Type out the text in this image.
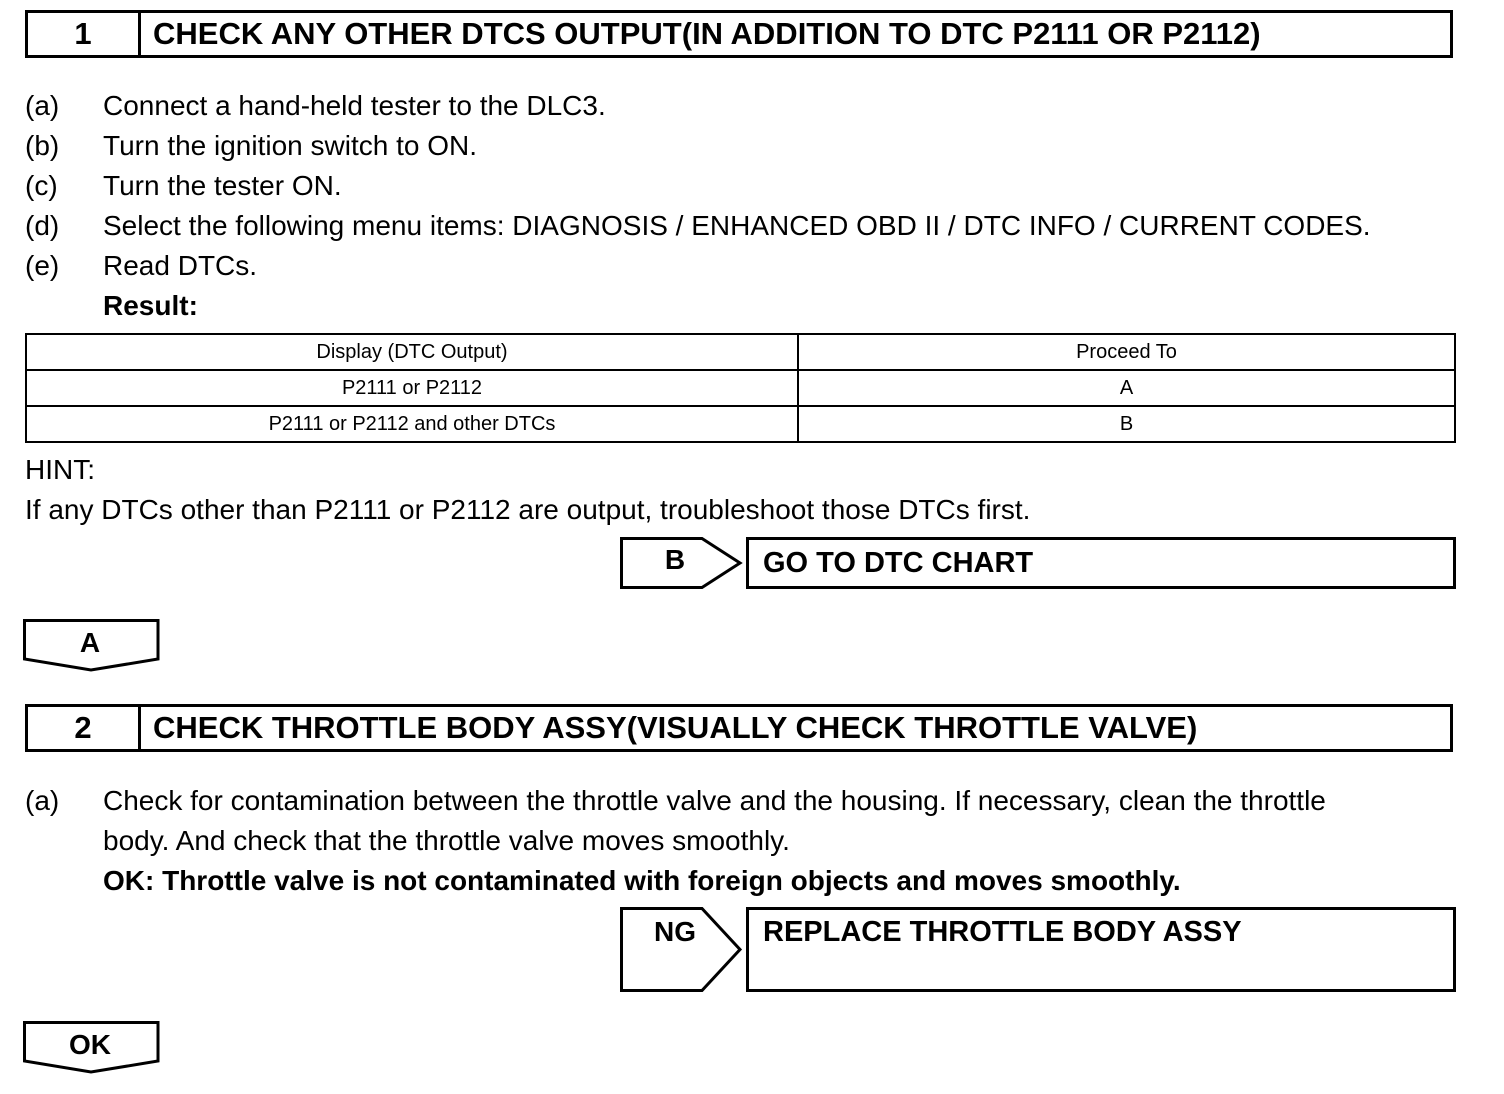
1	CHECK ANY OTHER DTCS OUTPUT(IN ADDITION TO DTC P2111 OR P2112)
(a) Connect a hand-held tester to the DLC3.
(b) Turn the ignition switch to ON.
(c) Turn the tester ON.
(d) Select the following menu items: DIAGNOSIS / ENHANCED OBD II / DTC INFO / CURRENT CODES.
(e) Read DTCs.
Result:
Display (DTC Output)	Proceed To
P2111 or P2112	A
P2111 or P2112 and other DTCs	B
HINT:
If any DTCs other than P2111 or P2112 are output, troubleshoot those DTCs first.
B	GO TO DTC CHART
A
2	CHECK THROTTLE BODY ASSY(VISUALLY CHECK THROTTLE VALVE)
(a) Check for contamination between the throttle valve and the housing. If necessary, clean the throttle
body. And check that the throttle valve moves smoothly.
OK: Throttle valve is not contaminated with foreign objects and moves smoothly.
NG	REPLACE THROTTLE BODY ASSY
OK
